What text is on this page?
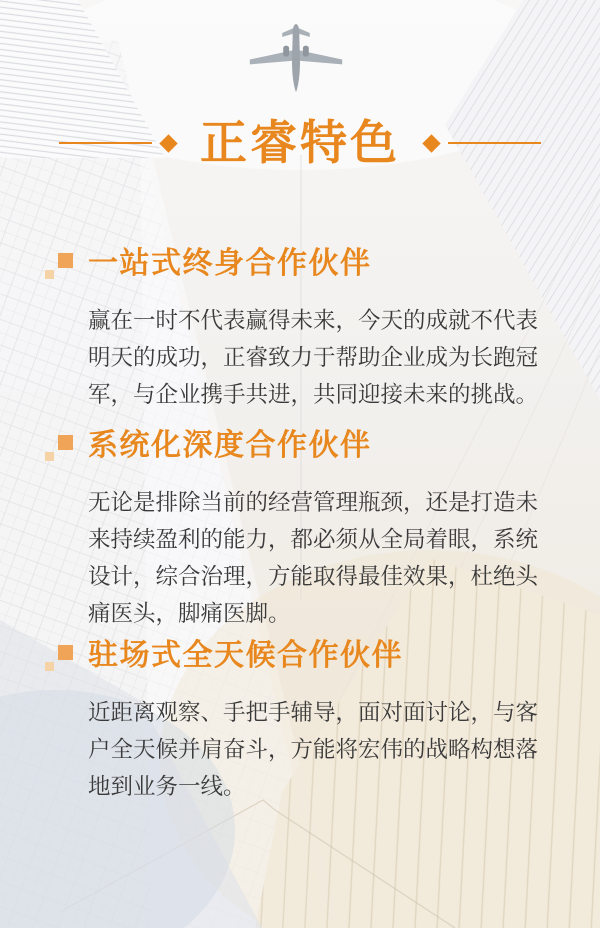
正睿特色
一站式终身合作伙伴

赢在一时不代表赢得未来，今天的成就不代表明天的成功，正睿致力于帮助企业成为长跑冠军，与企业携手共进，共同迎接未来的挑战。

系统化深度合作伙伴

无论是排除当前的经营管理瓶颈，还是打造未来持续盈利的能力，都必须从全局着眼，系统设计，综合治理，方能取得最佳效果，杜绝头痛医头，脚痛医脚。

驻场式全天候合作伙伴

近距离观察、手把手辅导，面对面讨论，与客户全天候并肩奋斗，方能将宏伟的战略构想落地到业务一线。
